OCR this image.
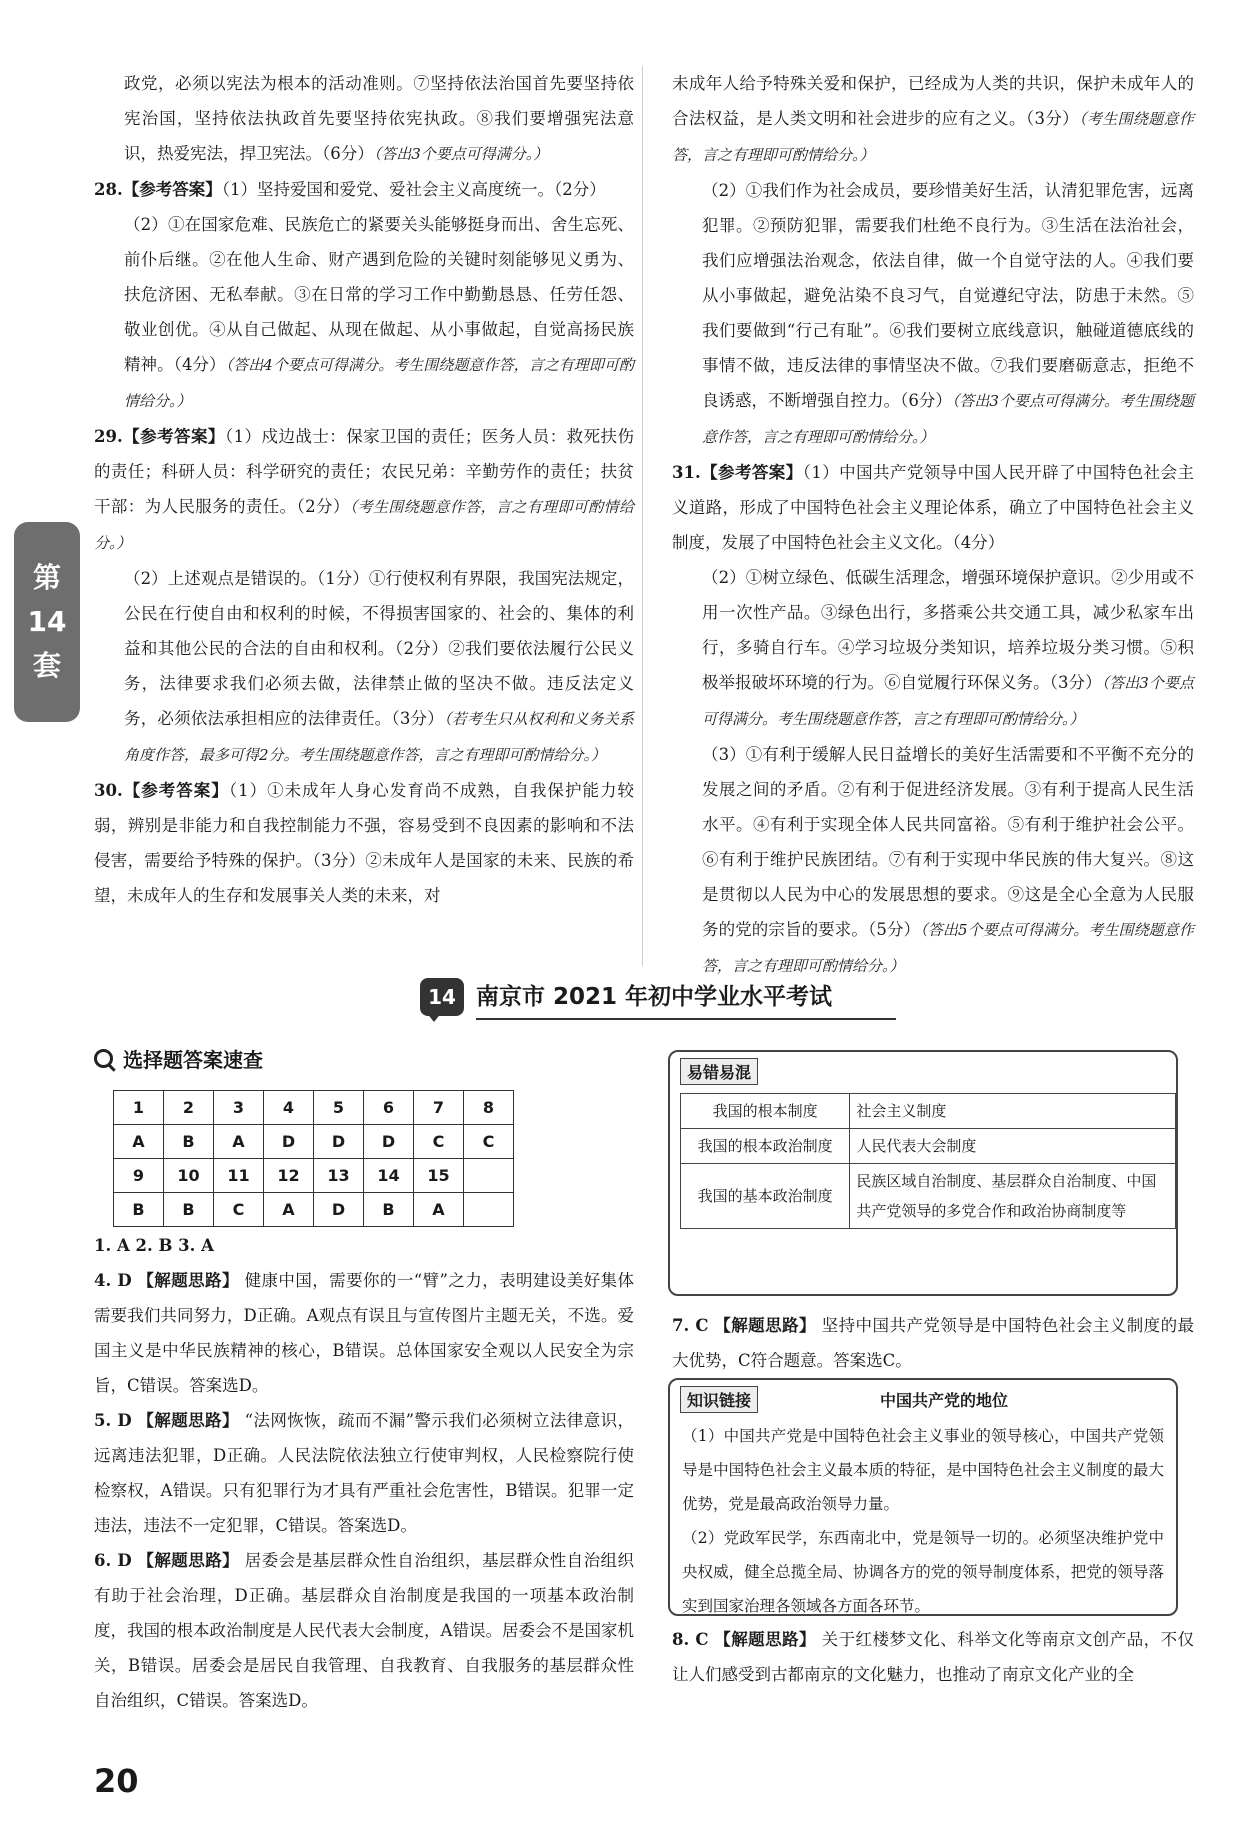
政党，必须以宪法为根本的活动准则。⑦坚持依法治国首先要坚持依宪治国，坚持依法执政首先要坚持依宪执政。⑧我们要增强宪法意识，热爱宪法，捍卫宪法。（6分）（答出3个要点可得满分。）

28.【参考答案】（1）坚持爱国和爱党、爱社会主义高度统一。（2分）

（2）①在国家危难、民族危亡的紧要关头能够挺身而出、舍生忘死、前仆后继。②在他人生命、财产遇到危险的关键时刻能够见义勇为、扶危济困、无私奉献。③在日常的学习工作中勤勤恳恳、任劳任怨、敬业创优。④从自己做起、从现在做起、从小事做起，自觉高扬民族精神。（4分）（答出4个要点可得满分。考生围绕题意作答，言之有理即可酌情给分。）

29.【参考答案】（1）戍边战士：保家卫国的责任；医务人员：救死扶伤的责任；科研人员：科学研究的责任；农民兄弟：辛勤劳作的责任；扶贫干部：为人民服务的责任。（2分）（考生围绕题意作答，言之有理即可酌情给分。）

（2）上述观点是错误的。（1分）①行使权利有界限，我国宪法规定，公民在行使自由和权利的时候，不得损害国家的、社会的、集体的利益和其他公民的合法的自由和权利。（2分）②我们要依法履行公民义务，法律要求我们必须去做，法律禁止做的坚决不做。违反法定义务，必须依法承担相应的法律责任。（3分）（若考生只从权利和义务关系角度作答，最多可得2分。考生围绕题意作答，言之有理即可酌情给分。）

30.【参考答案】（1）①未成年人身心发育尚不成熟，自我保护能力较弱，辨别是非能力和自我控制能力不强，容易受到不良因素的影响和不法侵害，需要给予特殊的保护。（3分）②未成年人是国家的未来、民族的希望，未成年人的生存和发展事关人类的未来，对

未成年人给予特殊关爱和保护，已经成为人类的共识，保护未成年人的合法权益，是人类文明和社会进步的应有之义。（3分）（考生围绕题意作答，言之有理即可酌情给分。）

（2）①我们作为社会成员，要珍惜美好生活，认清犯罪危害，远离犯罪。②预防犯罪，需要我们杜绝不良行为。③生活在法治社会，我们应增强法治观念，依法自律，做一个自觉守法的人。④我们要从小事做起，避免沾染不良习气，自觉遵纪守法，防患于未然。⑤我们要做到“行己有耻”。⑥我们要树立底线意识，触碰道德底线的事情不做，违反法律的事情坚决不做。⑦我们要磨砺意志，拒绝不良诱惑，不断增强自控力。（6分）（答出3个要点可得满分。考生围绕题意作答，言之有理即可酌情给分。）

31.【参考答案】（1）中国共产党领导中国人民开辟了中国特色社会主义道路，形成了中国特色社会主义理论体系，确立了中国特色社会主义制度，发展了中国特色社会主义文化。（4分）

（2）①树立绿色、低碳生活理念，增强环境保护意识。②少用或不用一次性产品。③绿色出行，多搭乘公共交通工具，减少私家车出行，多骑自行车。④学习垃圾分类知识，培养垃圾分类习惯。⑤积极举报破坏环境的行为。⑥自觉履行环保义务。（3分）（答出3个要点可得满分。考生围绕题意作答，言之有理即可酌情给分。）

（3）①有利于缓解人民日益增长的美好生活需要和不平衡不充分的发展之间的矛盾。②有利于促进经济发展。③有利于提高人民生活水平。④有利于实现全体人民共同富裕。⑤有利于维护社会公平。⑥有利于维护民族团结。⑦有利于实现中华民族的伟大复兴。⑧这是贯彻以人民为中心的发展思想的要求。⑨这是全心全意为人民服务的党的宗旨的要求。（5分）（答出5个要点可得满分。考生围绕题意作答，言之有理即可酌情给分。）

第
14
套
14 南京市 2021 年初中学业水平考试
选择题答案速查
1	2	3	4	5	6	7	8
A	B	A	D	D	D	C	C
9	10	11	12	13	14	15	
B	B	C	A	D	B	A	

1. A 2. B 3. A

4. D 【解题思路】 健康中国，需要你的一“臂”之力，表明建设美好集体需要我们共同努力，D正确。A观点有误且与宣传图片主题无关，不选。爱国主义是中华民族精神的核心，B错误。总体国家安全观以人民安全为宗旨，C错误。答案选D。

5. D 【解题思路】 “法网恢恢，疏而不漏”警示我们必须树立法律意识，远离违法犯罪，D正确。人民法院依法独立行使审判权，人民检察院行使检察权，A错误。只有犯罪行为才具有严重社会危害性，B错误。犯罪一定违法，违法不一定犯罪，C错误。答案选D。

6. D 【解题思路】 居委会是基层群众性自治组织，基层群众性自治组织有助于社会治理，D正确。基层群众自治制度是我国的一项基本政治制度，我国的根本政治制度是人民代表大会制度，A错误。居委会不是国家机关，B错误。居委会是居民自我管理、自我教育、自我服务的基层群众性自治组织，C错误。答案选D。

易错易混
我国的根本制度	社会主义制度
我国的根本政治制度	人民代表大会制度
我国的基本政治制度	民族区域自治制度、基层群众自治制度、中国共产党领导的多党合作和政治协商制度等

7. C 【解题思路】 坚持中国共产党领导是中国特色社会主义制度的最大优势，C符合题意。答案选C。

知识链接	中国共产党的地位

（1）中国共产党是中国特色社会主义事业的领导核心，中国共产党领导是中国特色社会主义最本质的特征，是中国特色社会主义制度的最大优势，党是最高政治领导力量。

（2）党政军民学，东西南北中，党是领导一切的。必须坚决维护党中央权威，健全总揽全局、协调各方的党的领导制度体系，把党的领导落实到国家治理各领域各方面各环节。

8. C 【解题思路】 关于红楼梦文化、科举文化等南京文创产品，不仅让人们感受到古都南京的文化魅力，也推动了南京文化产业的全

20
